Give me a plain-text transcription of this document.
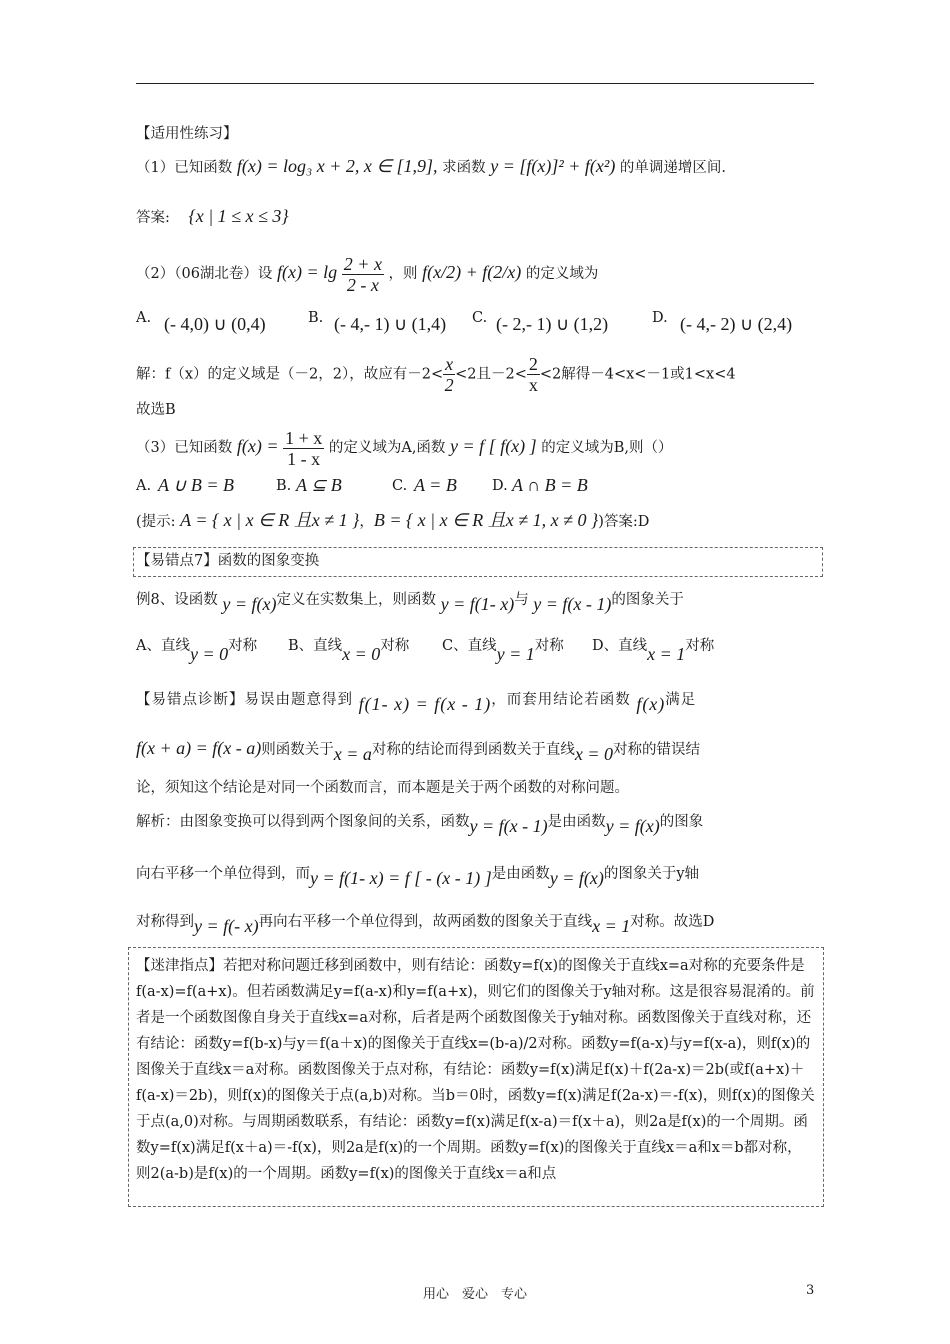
【适用性练习】
（1）已知函数 f(x) = log₃ x + 2, x ∈ [1,9], 求函数 y = [f(x)]² + f(x²) 的单调递增区间.
答案: {x | 1 ≤ x ≤ 3}
（2）（06湖北卷）设 $f(x) = \lg \frac{2 + x}{2 - x}$ ，则 f(x/2) + f(2/x) 的定义域为
A. (- 4,0) ∪ (0,4)	B. (- 4,- 1) ∪ (1,4) C. (- 2,- 1) ∪ (1,2)	D. (- 4,- 2) ∪ (2,4)
解：f（x）的定义域是（－2，2），故应有$-2< \frac{x}{2} <2$且$-2< \frac{2}{x} <2$解得－4<x<－1或1<x<4
故选B
（3）已知函数 $f(x) = \frac{1 + x}{1 - x}$ 的定义域为A,函数 y = f [ f(x) ] 的定义域为B,则（）
A. A ∪ B = B	B. A ⊆ B	C. A = B D. A ∩ B = B
(提示: A = { x | x ∈ R 且x ≠ 1 }，B = { x | x ∈ R 且x ≠ 1, x ≠ 0 })答案:D
【易错点7】函数的图象变换
例8、设函数 y = f(x)定义在实数集上，则函数 y = f(1- x)与 y = f(x - 1)的图象关于
A、直线y = 0对称 B、直线x = 0对称 C、直线y = 1对称 D、直线x = 1对称
【易错点诊断】易误由题意得到 f(1- x) = f(x - 1)，而套用结论若函数 f(x)满足
f(x + a) = f(x - a)则函数关于x = a对称的结论而得到函数关于直线x = 0对称的错误结
论，须知这个结论是对同一个函数而言，而本题是关于两个函数的对称问题。
解析：由图象变换可以得到两个图象间的关系，函数y = f(x - 1)是由函数y = f(x)的图象
向右平移一个单位得到，而y = f(1- x) = f [ - (x - 1) ]是由函数y = f(x)的图象关于y轴
对称得到y = f(- x)再向右平移一个单位得到，故两函数的图象关于直线x = 1对称。故选D
【迷津指点】若把对称问题迁移到函数中，则有结论：函数y=f(x)的图像关于直线x=a对称的充要条件是f(a-x)=f(a+x)。但若函数满足y=f(a-x)和y=f(a+x)，则它们的图像关于y轴对称。这是很容易混淆的。前者是一个函数图像自身关于直线x=a对称，后者是两个函数图像关于y轴对称。函数图像关于直线对称，还有结论：函数y=f(b-x)与y＝f(a＋x)的图像关于直线x=(b-a)/2对称。函数y=f(a-x)与y=f(x-a)，则f(x)的图像关于直线x＝a对称。函数图像关于点对称，有结论：函数y=f(x)满足f(x)＋f(2a-x)＝2b(或f(a+x)＋f(a-x)＝2b)，则f(x)的图像关于点(a,b)对称。当b＝0时，函数y=f(x)满足f(2a-x)＝-f(x)，则f(x)的图像关于点(a,0)对称。与周期函数联系，有结论：函数y=f(x)满足f(x-a)＝f(x＋a)，则2a是f(x)的一个周期。函数y=f(x)满足f(x＋a)＝-f(x)，则2a是f(x)的一个周期。函数y=f(x)的图像关于直线x＝a和x＝b都对称，则2(a-b)是f(x)的一个周期。函数y=f(x)的图像关于直线x＝a和点
用心　爱心　专心	3
